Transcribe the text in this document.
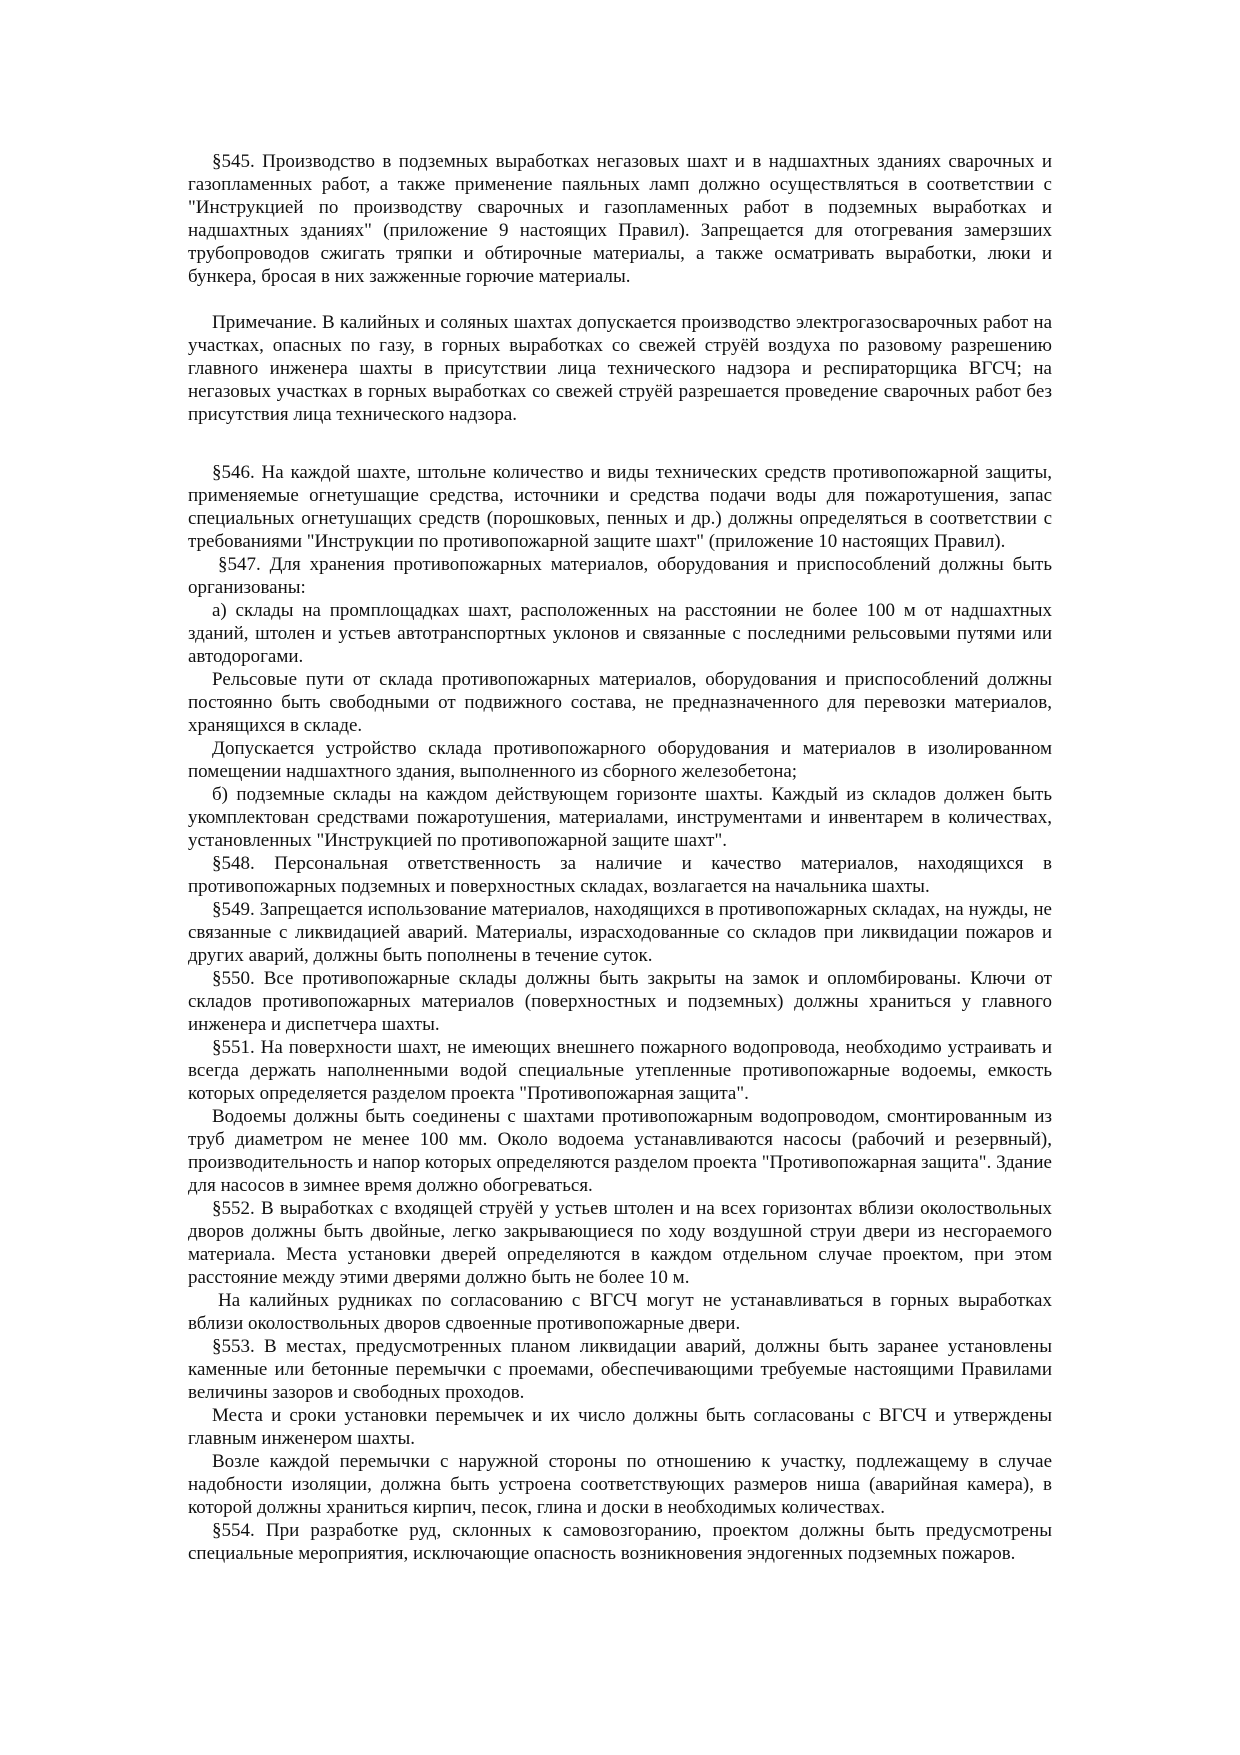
§545. Производство в подземных выработках негазовых шахт и в надшахтных зданиях сварочных и газопламенных работ, а также применение паяльных ламп должно осуществляться в соответствии с "Инструкцией по производству сварочных и газопламенных работ в подземных выработках и надшахтных зданиях" (приложение 9 настоящих Правил). Запрещается для отогревания замерзших трубопроводов сжигать тряпки и обтирочные материалы, а также осматривать выработки, люки и бункера, бросая в них зажженные горючие материалы.

Примечание. В калийных и соляных шахтах допускается производство электрогазосварочных работ на участках, опасных по газу, в горных выработках со свежей струёй воздуха по разовому разрешению главного инженера шахты в присутствии лица технического надзора и респираторщика ВГСЧ; на негазовых участках в горных выработках со свежей струёй разрешается проведение сварочных работ без присутствия лица технического надзора.

§546. На каждой шахте, штольне количество и виды технических средств противопожарной защиты, применяемые огнетушащие средства, источники и средства подачи воды для пожаротушения, запас специальных огнетушащих средств (порошковых, пенных и др.) должны определяться в соответствии с требованиями "Инструкции по противопожарной защите шахт" (приложение 10 настоящих Правил).

§547. Для хранения противопожарных материалов, оборудования и приспособлений должны быть организованы:

а) склады на промплощадках шахт, расположенных на расстоянии не более 100 м от надшахтных зданий, штолен и устьев автотранспортных уклонов и связанные с последними рельсовыми путями или автодорогами.

Рельсовые пути от склада противопожарных материалов, оборудования и приспособлений должны постоянно быть свободными от подвижного состава, не предназначенного для перевозки материалов, хранящихся в складе.

Допускается устройство склада противопожарного оборудования и материалов в изолированном помещении надшахтного здания, выполненного из сборного железобетона;

б) подземные склады на каждом действующем горизонте шахты. Каждый из складов должен быть укомплектован средствами пожаротушения, материалами, инструментами и инвентарем в количествах, установленных "Инструкцией по противопожарной защите шахт".

§548. Персональная ответственность за наличие и качество материалов, находящихся в противопожарных подземных и поверхностных складах, возлагается на начальника шахты.

§549. Запрещается использование материалов, находящихся в противопожарных складах, на нужды, не связанные с ликвидацией аварий. Материалы, израсходованные со складов при ликвидации пожаров и других аварий, должны быть пополнены в течение суток.

§550. Все противопожарные склады должны быть закрыты на замок и опломбированы. Ключи от складов противопожарных материалов (поверхностных и подземных) должны храниться у главного инженера и диспетчера шахты.

§551. На поверхности шахт, не имеющих внешнего пожарного водопровода, необходимо устраивать и всегда держать наполненными водой специальные утепленные противопожарные водоемы, емкость которых определяется разделом проекта "Противопожарная защита".

Водоемы должны быть соединены с шахтами противопожарным водопроводом, смонтированным из труб диаметром не менее 100 мм. Около водоема устанавливаются насосы (рабочий и резервный), производительность и напор которых определяются разделом проекта "Противопожарная защита". Здание для насосов в зимнее время должно обогреваться.

§552. В выработках с входящей струёй у устьев штолен и на всех горизонтах вблизи околоствольных дворов должны быть двойные, легко закрывающиеся по ходу воздушной струи двери из несгораемого материала. Места установки дверей определяются в каждом отдельном случае проектом, при этом расстояние между этими дверями должно быть не более 10 м.

На калийных рудниках по согласованию с ВГСЧ могут не устанавливаться в горных выработках вблизи околоствольных дворов сдвоенные противопожарные двери.

§553. В местах, предусмотренных планом ликвидации аварий, должны быть заранее установлены каменные или бетонные перемычки с проемами, обеспечивающими требуемые настоящими Правилами величины зазоров и свободных проходов.

Места и сроки установки перемычек и их число должны быть согласованы с ВГСЧ и утверждены главным инженером шахты.

Возле каждой перемычки с наружной стороны по отношению к участку, подлежащему в случае надобности изоляции, должна быть устроена соответствующих размеров ниша (аварийная камера), в которой должны храниться кирпич, песок, глина и доски в необходимых количествах.

§554. При разработке руд, склонных к самовозгоранию, проектом должны быть предусмотрены специальные мероприятия, исключающие опасность возникновения эндогенных подземных пожаров.
